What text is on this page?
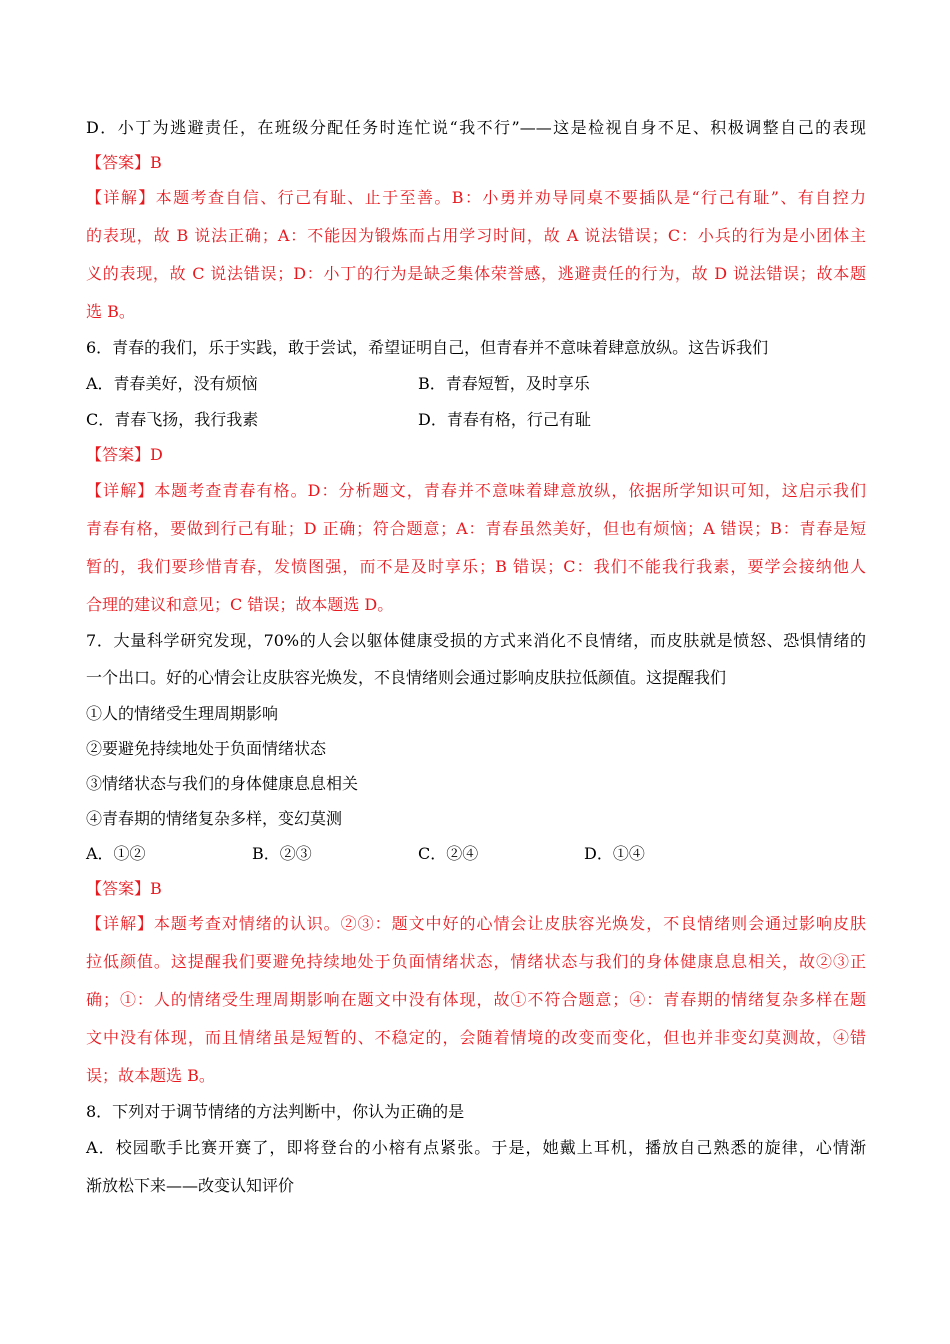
D．小丁为逃避责任，在班级分配任务时连忙说“我不行”——这是检视自身不足、积极调整自己的表现
【答案】B
【详解】本题考查自信、行己有耻、止于至善。B：小勇并劝导同桌不要插队是“行己有耻”、有自控力
的表现，故 B 说法正确；A：不能因为锻炼而占用学习时间，故 A 说法错误；C：小兵的行为是小团体主
义的表现，故 C 说法错误；D：小丁的行为是缺乏集体荣誉感，逃避责任的行为，故 D 说法错误；故本题
选 B。
6．青春的我们，乐于实践，敢于尝试，希望证明自己，但青春并不意味着肆意放纵。这告诉我们
A．青春美好，没有烦恼	B．青春短暂，及时享乐
C．青春飞扬，我行我素	D．青春有格，行己有耻
【答案】D
【详解】本题考查青春有格。D：分析题文，青春并不意味着肆意放纵，依据所学知识可知，这启示我们
青春有格，要做到行己有耻；D 正确；符合题意；A：青春虽然美好，但也有烦恼；A 错误；B：青春是短
暂的，我们要珍惜青春，发愤图强，而不是及时享乐；B 错误；C：我们不能我行我素，要学会接纳他人
合理的建议和意见；C 错误；故本题选 D。
7．大量科学研究发现，70%的人会以躯体健康受损的方式来消化不良情绪，而皮肤就是愤怒、恐惧情绪的
一个出口。好的心情会让皮肤容光焕发，不良情绪则会通过影响皮肤拉低颜值。这提醒我们
①人的情绪受生理周期影响
②要避免持续地处于负面情绪状态
③情绪状态与我们的身体健康息息相关
④青春期的情绪复杂多样，变幻莫测
A．①②	B．②③	C．②④	D．①④
【答案】B
【详解】本题考查对情绪的认识。②③：题文中好的心情会让皮肤容光焕发，不良情绪则会通过影响皮肤
拉低颜值。这提醒我们要避免持续地处于负面情绪状态，情绪状态与我们的身体健康息息相关，故②③正
确；①：人的情绪受生理周期影响在题文中没有体现，故①不符合题意；④：青春期的情绪复杂多样在题
文中没有体现，而且情绪虽是短暂的、不稳定的，会随着情境的改变而变化，但也并非变幻莫测故，④错
误；故本题选 B。
8．下列对于调节情绪的方法判断中，你认为正确的是
A．校园歌手比赛开赛了，即将登台的小榕有点紧张。于是，她戴上耳机，播放自己熟悉的旋律，心情渐
渐放松下来——改变认知评价
